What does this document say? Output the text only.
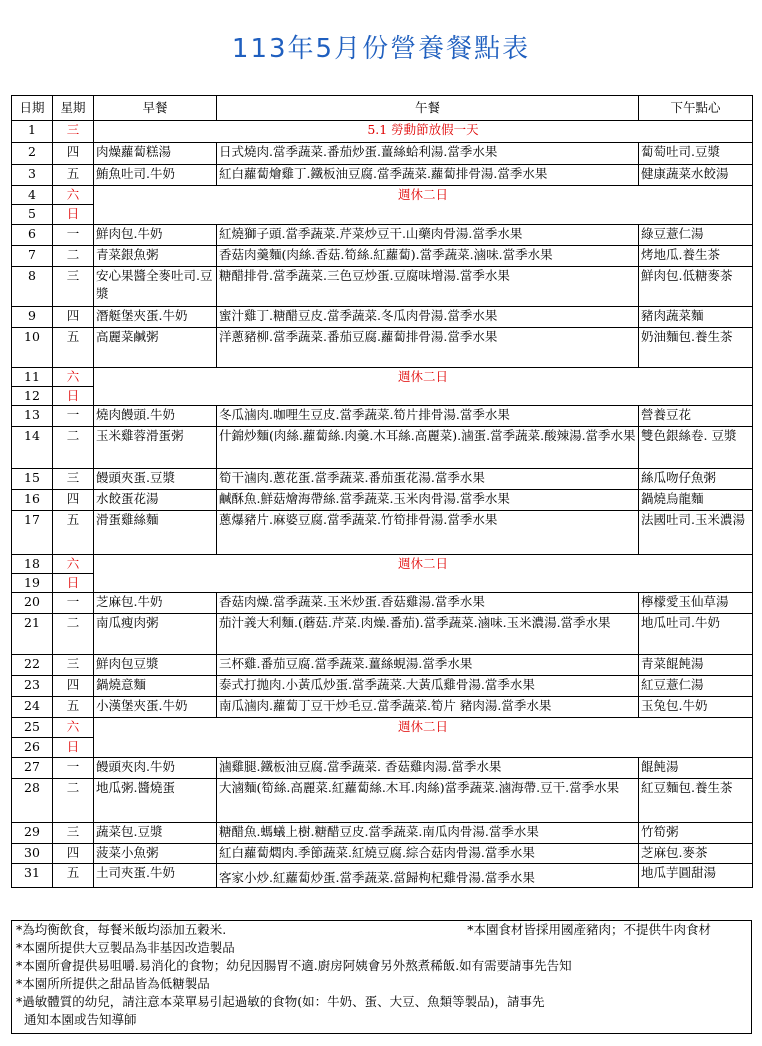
113年5月份營養餐點表
日期	星期	早餐	午餐	下午點心
1	三	5.1 勞動節放假一天		
2	四	肉燥蘿蔔糕湯	日式燒肉.當季蔬菜.番茄炒蛋.薑絲蛤利湯.當季水果	蔔萄吐司.豆漿
3	五	鮪魚吐司.牛奶	紅白蘿蔔燴雞丁.鐵板油豆腐.當季蔬菜.蘿蔔排骨湯.當季水果	健康蔬菜水餃湯
4	六	週休二日		
5	日			
6	一	鮮肉包.牛奶	紅燒獅子頭.當季蔬菜.芹菜炒豆干.山藥肉骨湯.當季水果	綠豆薏仁湯
7	二	青菜銀魚粥	香菇肉羹麵(肉絲.香菇.筍絲.紅蘿蔔).當季蔬菜.滷味.當季水果	烤地瓜.養生茶
8	三	安心果醬全麥吐司.豆漿	糖醋排骨.當季蔬菜.三色豆炒蛋.豆腐味增湯.當季水果	鮮肉包.低糖麥茶
9	四	潛艇堡夾蛋.牛奶	蜜汁雞丁.糖醋豆皮.當季蔬菜.冬瓜肉骨湯.當季水果	豬肉蔬菜麵
10	五	高麗菜鹹粥	洋蔥豬柳.當季蔬菜.番茄豆腐.蘿蔔排骨湯.當季水果	奶油麵包.養生茶
11	六	週休二日		
12	日			
13	一	燒肉饅頭.牛奶	冬瓜滷肉.咖哩生豆皮.當季蔬菜.筍片排骨湯.當季水果	營養豆花
14	二	玉米雞蓉滑蛋粥	什錦炒麵(肉絲.蘿蔔絲.肉羹.木耳絲.高麗菜).滷蛋.當季蔬菜.酸辣湯.當季水果	雙色銀絲卷. 豆漿
15	三	饅頭夾蛋.豆漿	筍干滷肉.蔥花蛋.當季蔬菜.番茄蛋花湯.當季水果	絲瓜吻仔魚粥
16	四	水餃蛋花湯	鹹酥魚.鮮菇燴海帶絲.當季蔬菜.玉米肉骨湯.當季水果	鍋燒烏龍麵
17	五	滑蛋雞絲麵	蔥爆豬片.麻婆豆腐.當季蔬菜.竹筍排骨湯.當季水果	法國吐司.玉米濃湯
18	六	週休二日		
19	日			
20	一	芝麻包.牛奶	香菇肉燥.當季蔬菜.玉米炒蛋.香菇雞湯.當季水果	檸檬愛玉仙草湯
21	二	南瓜瘦肉粥	茄汁義大利麵.(蘑菇.芹菜.肉燥.番茄).當季蔬菜.滷味.玉米濃湯.當季水果	地瓜吐司.牛奶
22	三	鮮肉包豆漿	三杯雞.番茄豆腐.當季蔬菜.薑絲蜆湯.當季水果	青菜餛飩湯
23	四	鍋燒意麵	泰式打拋肉.小黃瓜炒蛋.當季蔬菜.大黃瓜雞骨湯.當季水果	紅豆薏仁湯
24	五	小漢堡夾蛋.牛奶	南瓜滷肉.蘿蔔丁豆干炒毛豆.當季蔬菜.筍片 豬肉湯.當季水果	玉兔包.牛奶
25	六	週休二日		
26	日			
27	一	饅頭夾肉.牛奶	滷雞腿.鐵板油豆腐.當季蔬菜. 香菇雞肉湯.當季水果	餛飩湯
28	二	地瓜粥.醬燒蛋	大滷麵(筍絲.高麗菜.紅蘿蔔絲.木耳.肉絲)當季蔬菜.滷海帶.豆干.當季水果	紅豆麵包.養生茶
29	三	蔬菜包.豆漿	糖醋魚.螞蟻上樹.糖醋豆皮.當季蔬菜.南瓜肉骨湯.當季水果	竹筍粥
30	四	菠菜小魚粥	紅白蘿蔔燜肉.季節蔬菜.紅燒豆腐.綜合菇肉骨湯.當季水果	芝麻包.麥茶
31	五	土司夾蛋.牛奶	客家小炒.紅蘿蔔炒蛋.當季蔬菜.當歸枸杞雞骨湯.當季水果	地瓜芋圓甜湯
*為均衡飲食，每餐米飯均添加五穀米.	*本園食材皆採用國產豬肉；不提供牛肉食材
*本園所提供大豆製品為非基因改造製品
*本園所會提供易咀嚼.易消化的食物；幼兒因腸胃不適.廚房阿姨會另外熬煮稀飯.如有需要請事先告知
*本園所所提供之甜品皆為低糖製品
*過敏體質的幼兒，請注意本菜單易引起過敏的食物(如：牛奶、蛋、大豆、魚類等製品)，請事先
通知本園或告知導師
